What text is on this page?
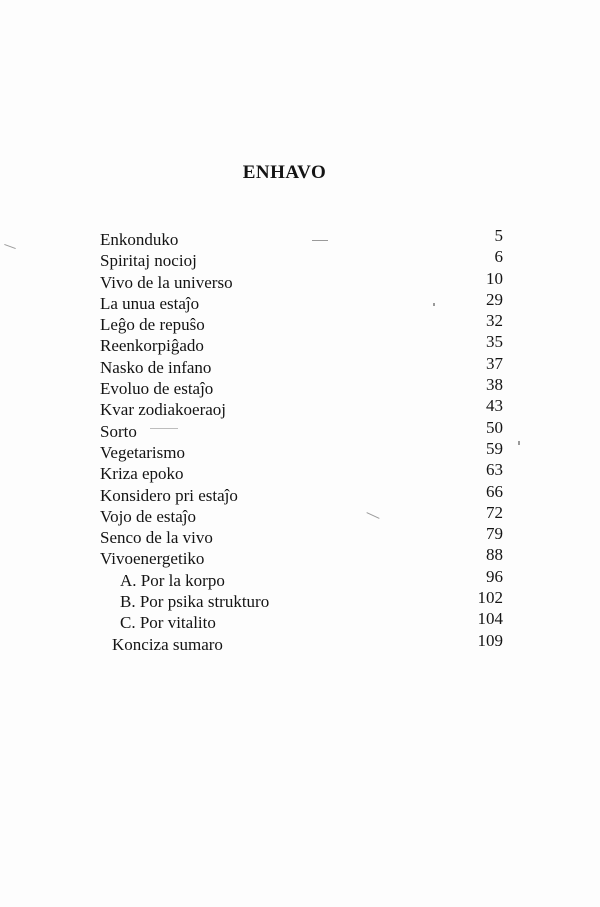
ENHAVO
Enkonduko	5
Spiritaj nocioj	6
Vivo de la universo	10
La unua estaĵo	29
Leĝo de repuŝo	32
Reenkorpiĝado	35
Nasko de infano	37
Evoluo de estaĵo	38
Kvar zodiakoeraoj	43
Sorto	50
Vegetarismo	59
Kriza epoko	63
Konsidero pri estaĵo	66
Vojo de estaĵo	72
Senco de la vivo	79
Vivoenergetiko	88
A. Por la korpo	96
B. Por psika strukturo	102
C. Por vitalito	104
Konciza sumaro	109
